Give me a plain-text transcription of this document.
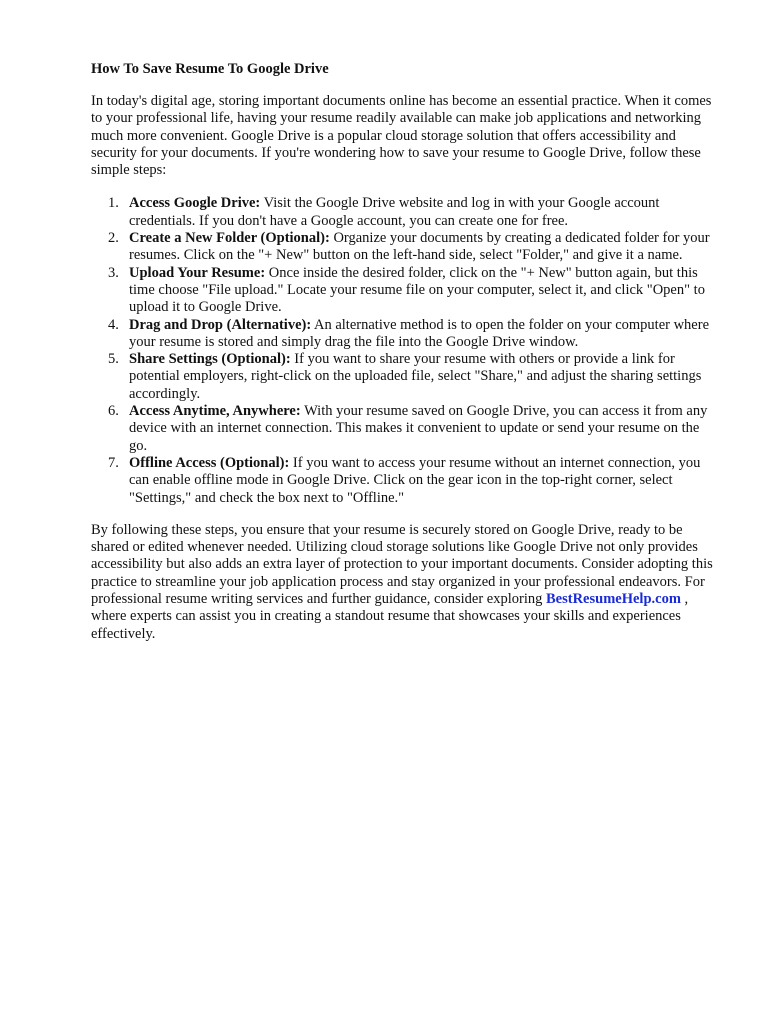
How To Save Resume To Google Drive

In today's digital age, storing important documents online has become an essential practice. When it comes to your professional life, having your resume readily available can make job applications and networking much more convenient. Google Drive is a popular cloud storage solution that offers accessibility and security for your documents. If you're wondering how to save your resume to Google Drive, follow these simple steps:

1. Access Google Drive: Visit the Google Drive website and log in with your Google account credentials. If you don't have a Google account, you can create one for free.
2. Create a New Folder (Optional): Organize your documents by creating a dedicated folder for your resumes. Click on the "+ New" button on the left-hand side, select "Folder," and give it a name.
3. Upload Your Resume: Once inside the desired folder, click on the "+ New" button again, but this time choose "File upload." Locate your resume file on your computer, select it, and click "Open" to upload it to Google Drive.
4. Drag and Drop (Alternative): An alternative method is to open the folder on your computer where your resume is stored and simply drag the file into the Google Drive window.
5. Share Settings (Optional): If you want to share your resume with others or provide a link for potential employers, right-click on the uploaded file, select "Share," and adjust the sharing settings accordingly.
6. Access Anytime, Anywhere: With your resume saved on Google Drive, you can access it from any device with an internet connection. This makes it convenient to update or send your resume on the go.
7. Offline Access (Optional): If you want to access your resume without an internet connection, you can enable offline mode in Google Drive. Click on the gear icon in the top-right corner, select "Settings," and check the box next to "Offline."

By following these steps, you ensure that your resume is securely stored on Google Drive, ready to be shared or edited whenever needed. Utilizing cloud storage solutions like Google Drive not only provides accessibility but also adds an extra layer of protection to your important documents. Consider adopting this practice to streamline your job application process and stay organized in your professional endeavors. For professional resume writing services and further guidance, consider exploring BestResumeHelp.com , where experts can assist you in creating a standout resume that showcases your skills and experiences effectively.
